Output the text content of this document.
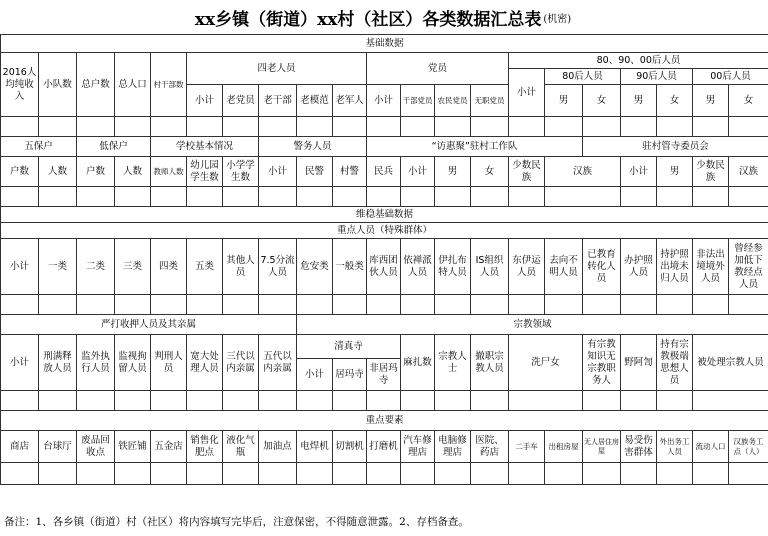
xx乡镇（街道）xx村（社区）各类数据汇总表 (机密)
基础数据																				
2016人均纯收入	小队数	总户数	总人口	村干部数	四老人员					党员				80、90、00后人员						
														小计	80后人员		90后人员		00后人员	
					小计	老党员	老干部	老模范	老军人	小计	干部党员	农民党员	无职党员		男	女	男	女	男	女

五保户		低保户		学校基本情况			警务人员			“访惠聚”驻村工作队						驻村管寺委员会				
户数	人数	户数	人数	教师人数	幼儿园学生数	小学学生数	小计	民警	村警	民兵	小计	男	女	少数民族	汉族		小计	男	少数民族	汉族

维稳基础数据																				
重点人员（特殊群体）																				
小计	一类	二类	三类	四类	五类	其他人员	7.5分流人员	危安类	一般类	库西团伙人员	依禅派人员	伊扎布特人员	IS组织人员	东伊运人员	去向不明人员	已教育转化人员	办护照人员	持护照出境未归人员	非法出境境外人员	曾经参加低下教经点人员

严打收押人员及其亲属								宗教领域												
小计	刑满释放人员	监外执行人员	监视拘留人员	判刑人员	宽大处理人员	三代以内亲属	五代以内亲属	清真寺			麻扎数	宗教人士	撤职宗教人员	洗尸女		有宗教知识无宗教职务人	野阿訇	持有宗教极端思想人员	被处理宗教人员	
								小计	居玛寺	非居玛寺										

重点要素																				
商店	台球厅	废品回收点	铁匠铺	五金店	销售化肥点	液化气瓶	加油点	电焊机	切割机	打磨机	汽车修理店	电脑修理店	医院、药店	二手车	出租房屋	无人居住房屋	易受伤害群体	外出务工人员	流动人口	汉族务工点（人）

备注：1、各乡镇（街道）村（社区）将内容填写完毕后，注意保密，不得随意泄露。2、存档备查。
